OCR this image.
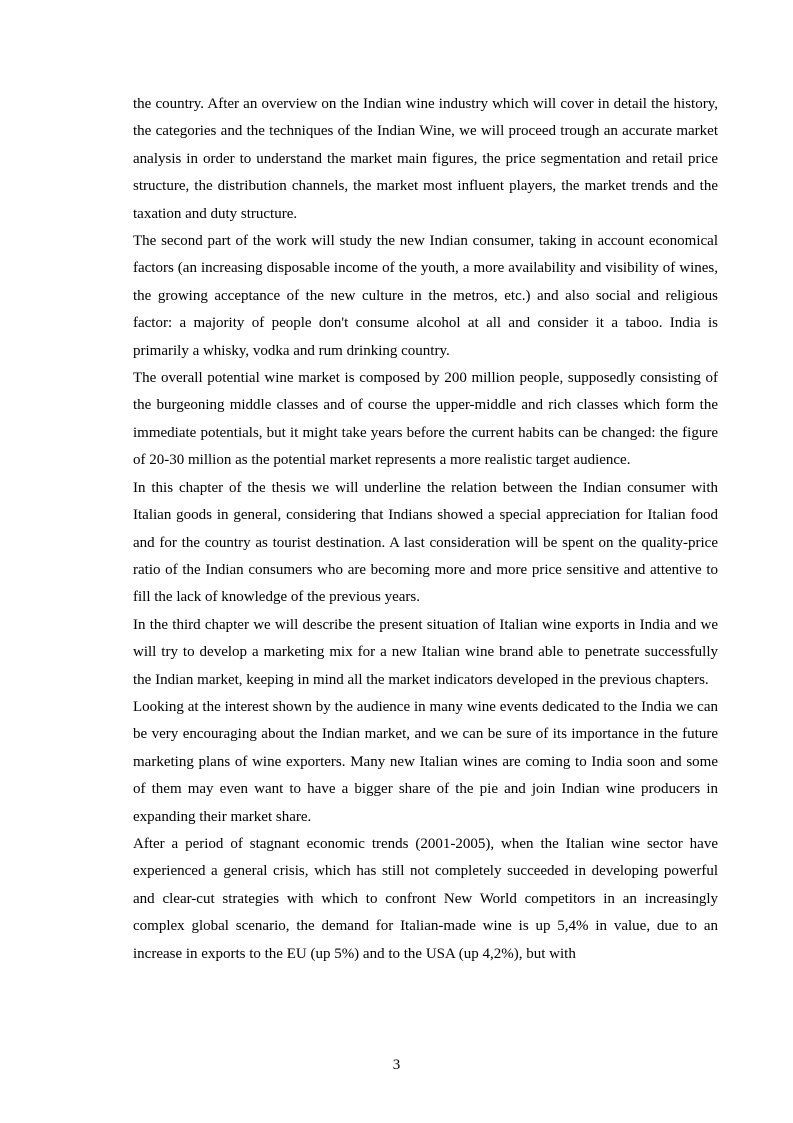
the country. After an overview on the Indian wine industry which will cover in detail the history, the categories and the techniques of the Indian Wine, we will proceed trough an accurate market analysis in order to understand the market main figures, the price segmentation and retail price structure, the distribution channels, the market most influent players, the market trends and the taxation and duty structure.

The second part of the work will study the new Indian consumer, taking in account economical factors (an increasing disposable income of the youth, a more availability and visibility of wines, the growing acceptance of the new culture in the metros, etc.) and also social and religious factor: a majority of people don't consume alcohol at all and consider it a taboo. India is primarily a whisky, vodka and rum drinking country.

The overall potential wine market is composed by 200 million people, supposedly consisting of the burgeoning middle classes and of course the upper-middle and rich classes which form the immediate potentials, but it might take years before the current habits can be changed: the figure of 20-30 million as the potential market represents a more realistic target audience.

In this chapter of the thesis we will underline the relation between the Indian consumer with Italian goods in general, considering that Indians showed a special appreciation for Italian food and for the country as tourist destination. A last consideration will be spent on the quality-price ratio of the Indian consumers who are becoming more and more price sensitive and attentive to fill the lack of knowledge of the previous years.

In the third chapter we will describe the present situation of Italian wine exports in India and we will try to develop a marketing mix for a new Italian wine brand able to penetrate successfully the Indian market, keeping in mind all the market indicators developed in the previous chapters.

Looking at the interest shown by the audience in many wine events dedicated to the India we can be very encouraging about the Indian market, and we can be sure of its importance in the future marketing plans of wine exporters. Many new Italian wines are coming to India soon and some of them may even want to have a bigger share of the pie and join Indian wine producers in expanding their market share.

After a period of stagnant economic trends (2001-2005), when the Italian wine sector have experienced a general crisis, which has still not completely succeeded in developing powerful and clear-cut strategies with which to confront New World competitors in an increasingly complex global scenario, the demand for Italian-made wine is up 5,4% in value, due to an increase in exports to the EU (up 5%) and to the USA (up 4,2%), but with

3
